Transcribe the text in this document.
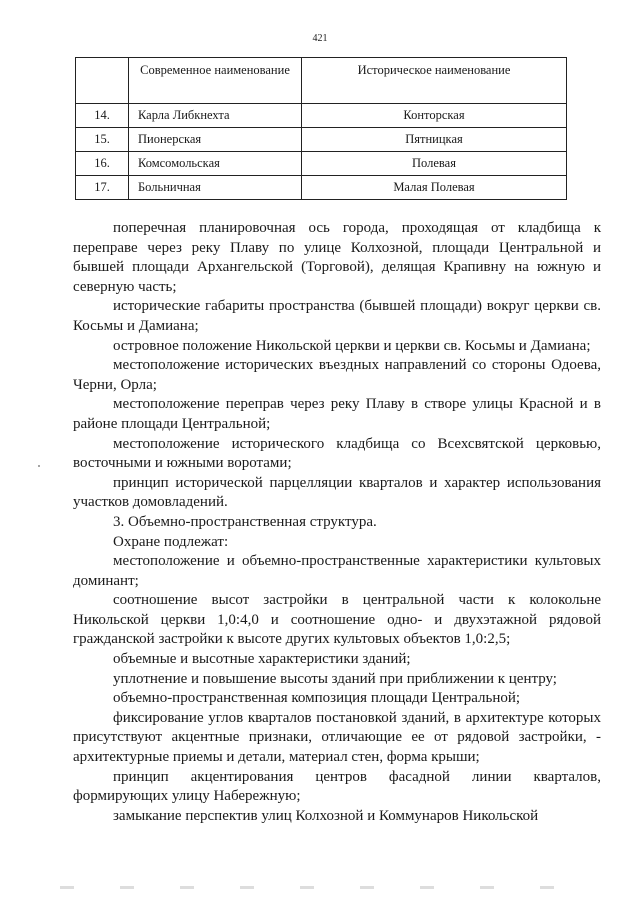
421
	Современное наименование	Историческое наименование
14.	Карла Либкнехта	Конторская
15.	Пионерская	Пятницкая
16.	Комсомольская	Полевая
17.	Больничная	Малая Полевая

поперечная планировочная ось города, проходящая от кладбища к переправе через реку Плаву по улице Колхозной, площади Центральной и бывшей площади Архангельской (Торговой), делящая Крапивну на южную и северную часть;

исторические габариты пространства (бывшей площади) вокруг церкви св. Косьмы и Дамиана;

островное положение Никольской церкви и церкви св. Косьмы и Дамиана;

местоположение исторических въездных направлений со стороны Одоева, Черни, Орла;

местоположение переправ через реку Плаву в створе улицы Красной и в районе площади Центральной;

местоположение исторического кладбища со Всехсвятской церковью, восточными и южными воротами;

принцип исторической парцелляции кварталов и характер использования участков домовладений.

3. Объемно-пространственная структура.

Охране подлежат:

местоположение и объемно-пространственные характеристики культовых доминант;

соотношение высот застройки в центральной части к колокольне Никольской церкви 1,0:4,0 и соотношение одно- и двухэтажной рядовой гражданской застройки к высоте других культовых объектов 1,0:2,5;

объемные и высотные характеристики зданий;

уплотнение и повышение высоты зданий при приближении к центру;

объемно-пространственная композиция площади Центральной;

фиксирование углов кварталов постановкой зданий, в архитектуре которых присутствуют акцентные признаки, отличающие ее от рядовой застройки, - архитектурные приемы и детали, материал стен, форма крыши;

принцип акцентирования центров фасадной линии кварталов, формирующих улицу Набережную;

замыкание перспектив улиц Колхозной и Коммунаров Никольской
